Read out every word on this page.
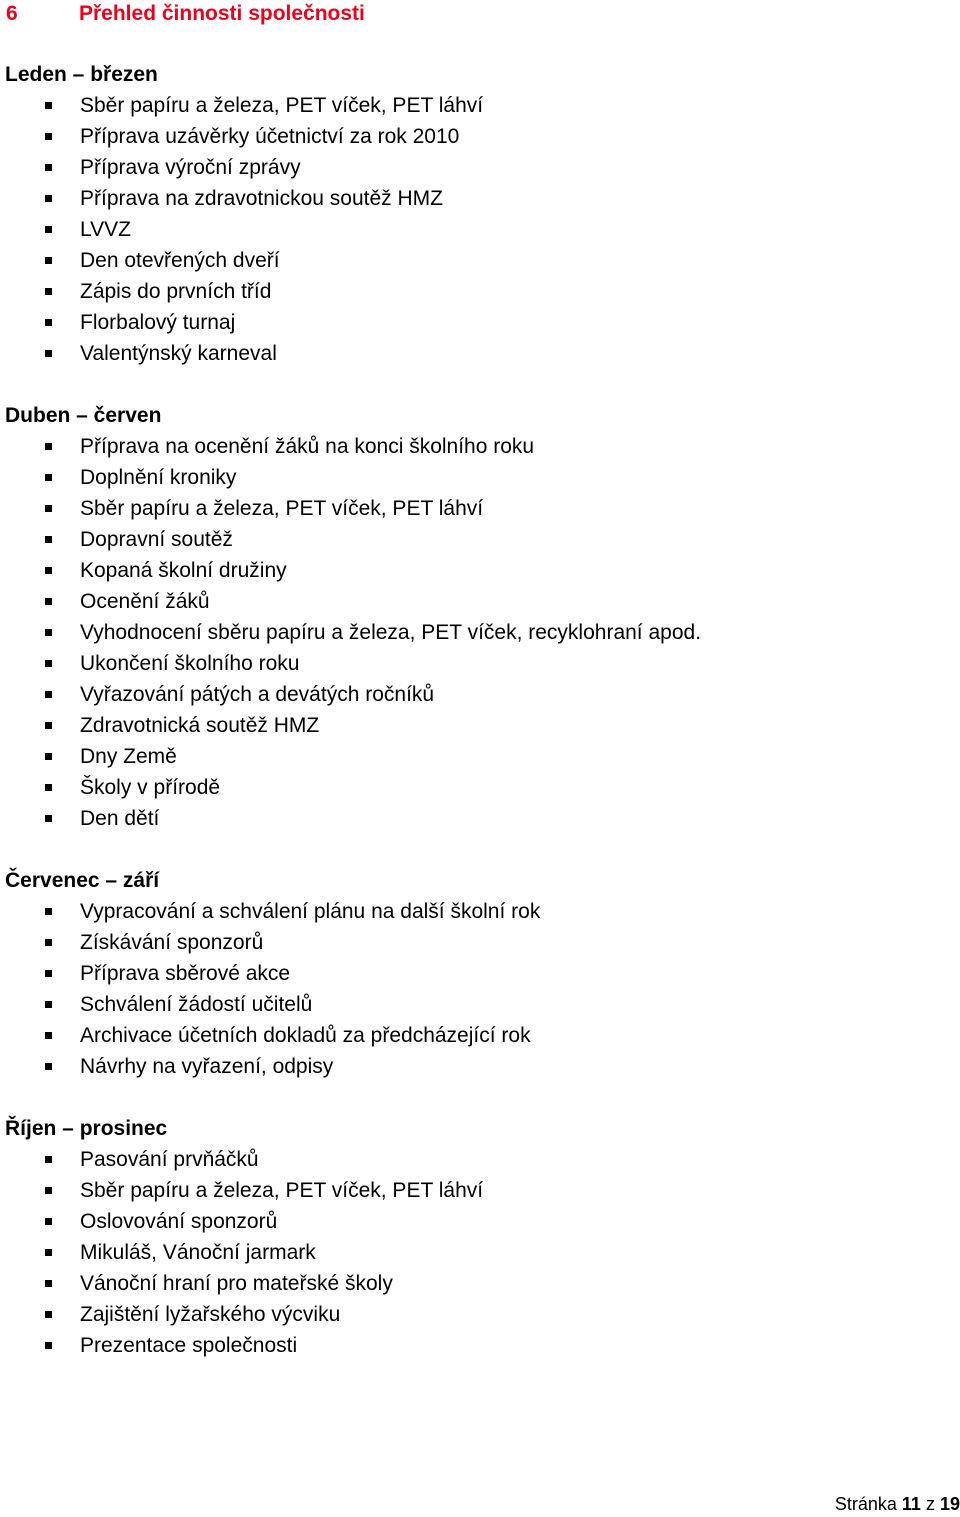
6	Přehled činnosti společnosti
Leden – březen
Sběr papíru a železa, PET víček, PET láhví
Příprava uzávěrky účetnictví za rok 2010
Příprava výroční zprávy
Příprava na zdravotnickou soutěž HMZ
LVVZ
Den otevřených dveří
Zápis do prvních tříd
Florbalový turnaj
Valentýnský karneval
Duben – červen
Příprava na ocenění žáků na konci školního roku
Doplnění kroniky
Sběr papíru a železa, PET víček, PET láhví
Dopravní soutěž
Kopaná školní družiny
Ocenění žáků
Vyhodnocení sběru papíru a železa, PET víček, recyklohraní apod.
Ukončení školního roku
Vyřazování pátých a devátých ročníků
Zdravotnická soutěž HMZ
Dny Země
Školy v přírodě
Den dětí
Červenec – září
Vypracování a schválení plánu na další školní rok
Získávání sponzorů
Příprava sběrové akce
Schválení žádostí učitelů
Archivace účetních dokladů za předcházející rok
Návrhy na vyřazení, odpisy
Říjen – prosinec
Pasování prvňáčků
Sběr papíru a železa, PET víček, PET láhví
Oslovování sponzorů
Mikuláš, Vánoční jarmark
Vánoční hraní pro mateřské školy
Zajištění lyžařského výcviku
Prezentace společnosti
Stránka 11 z 19
